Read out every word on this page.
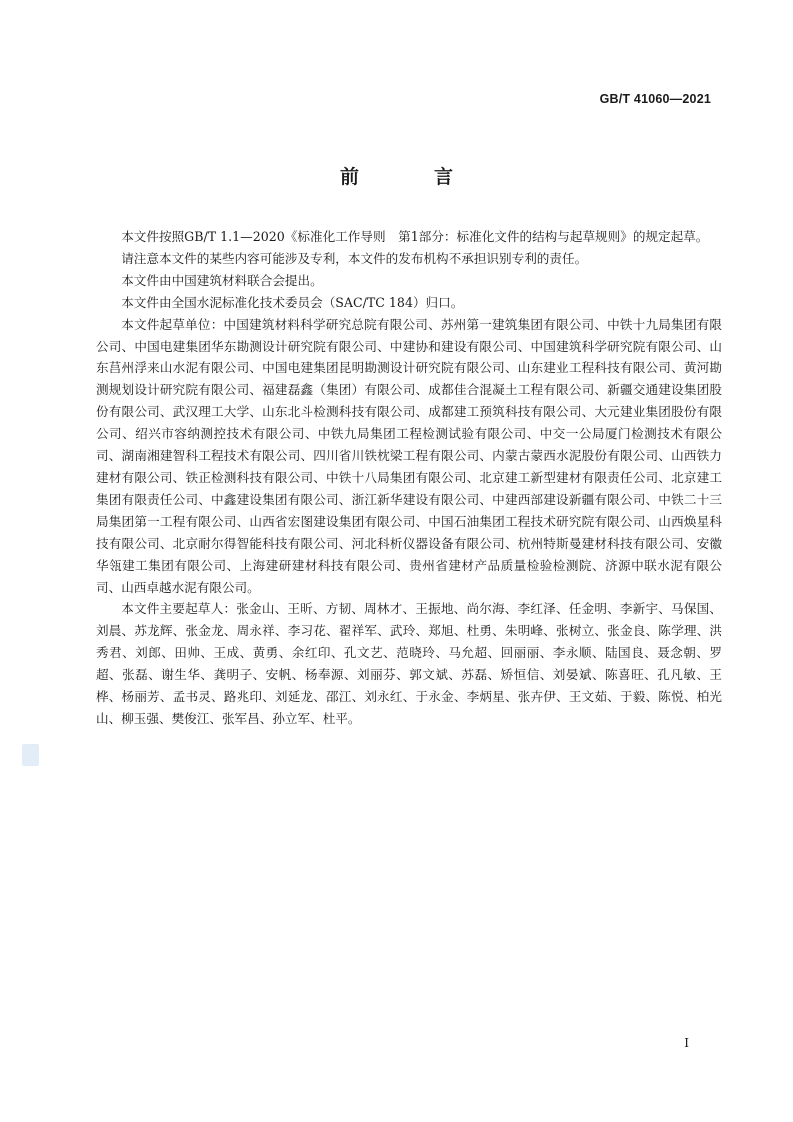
GB/T 41060—2021
前　言

本文件按照GB/T 1.1—2020《标准化工作导则　第1部分：标准化文件的结构与起草规则》的规定起草。

请注意本文件的某些内容可能涉及专利，本文件的发布机构不承担识别专利的责任。

本文件由中国建筑材料联合会提出。

本文件由全国水泥标准化技术委员会（SAC/TC 184）归口。

本文件起草单位：中国建筑材料科学研究总院有限公司、苏州第一建筑集团有限公司、中铁十九局集团有限公司、中国电建集团华东勘测设计研究院有限公司、中建协和建设有限公司、中国建筑科学研究院有限公司、山东莒州浮来山水泥有限公司、中国电建集团昆明勘测设计研究院有限公司、山东建业工程科技有限公司、黄河勘测规划设计研究院有限公司、福建磊鑫（集团）有限公司、成都佳合混凝土工程有限公司、新疆交通建设集团股份有限公司、武汉理工大学、山东北斗检测科技有限公司、成都建工预筑科技有限公司、大元建业集团股份有限公司、绍兴市容纳测控技术有限公司、中铁九局集团工程检测试验有限公司、中交一公局厦门检测技术有限公司、湖南湘建智科工程技术有限公司、四川省川铁枕梁工程有限公司、内蒙古蒙西水泥股份有限公司、山西铁力建材有限公司、铁正检测科技有限公司、中铁十八局集团有限公司、北京建工新型建材有限责任公司、北京建工集团有限责任公司、中鑫建设集团有限公司、浙江新华建设有限公司、中建西部建设新疆有限公司、中铁二十三局集团第一工程有限公司、山西省宏图建设集团有限公司、中国石油集团工程技术研究院有限公司、山西焕星科技有限公司、北京耐尔得智能科技有限公司、河北科析仪器设备有限公司、杭州特斯曼建材科技有限公司、安徽华瓴建工集团有限公司、上海建研建材科技有限公司、贵州省建材产品质量检验检测院、济源中联水泥有限公司、山西卓越水泥有限公司。

本文件主要起草人：张金山、王昕、方韧、周林才、王振地、尚尔海、李红泽、任金明、李新宇、马保国、刘晨、苏龙辉、张金龙、周永祥、李习花、翟祥军、武玲、郑旭、杜勇、朱明峰、张树立、张金良、陈学理、洪秀君、刘郎、田帅、王成、黄勇、余红印、孔文艺、范晓玲、马允超、回丽丽、李永顺、陆国良、聂念朝、罗超、张磊、谢生华、龚明子、安帆、杨奉源、刘丽芬、郭文斌、苏磊、矫恒信、刘晏斌、陈喜旺、孔凡敏、王桦、杨丽芳、孟书灵、路兆印、刘延龙、邵江、刘永红、于永金、李炳星、张卉伊、王文茹、于毅、陈悦、柏光山、柳玉强、樊俊江、张军昌、孙立军、杜平。

I
